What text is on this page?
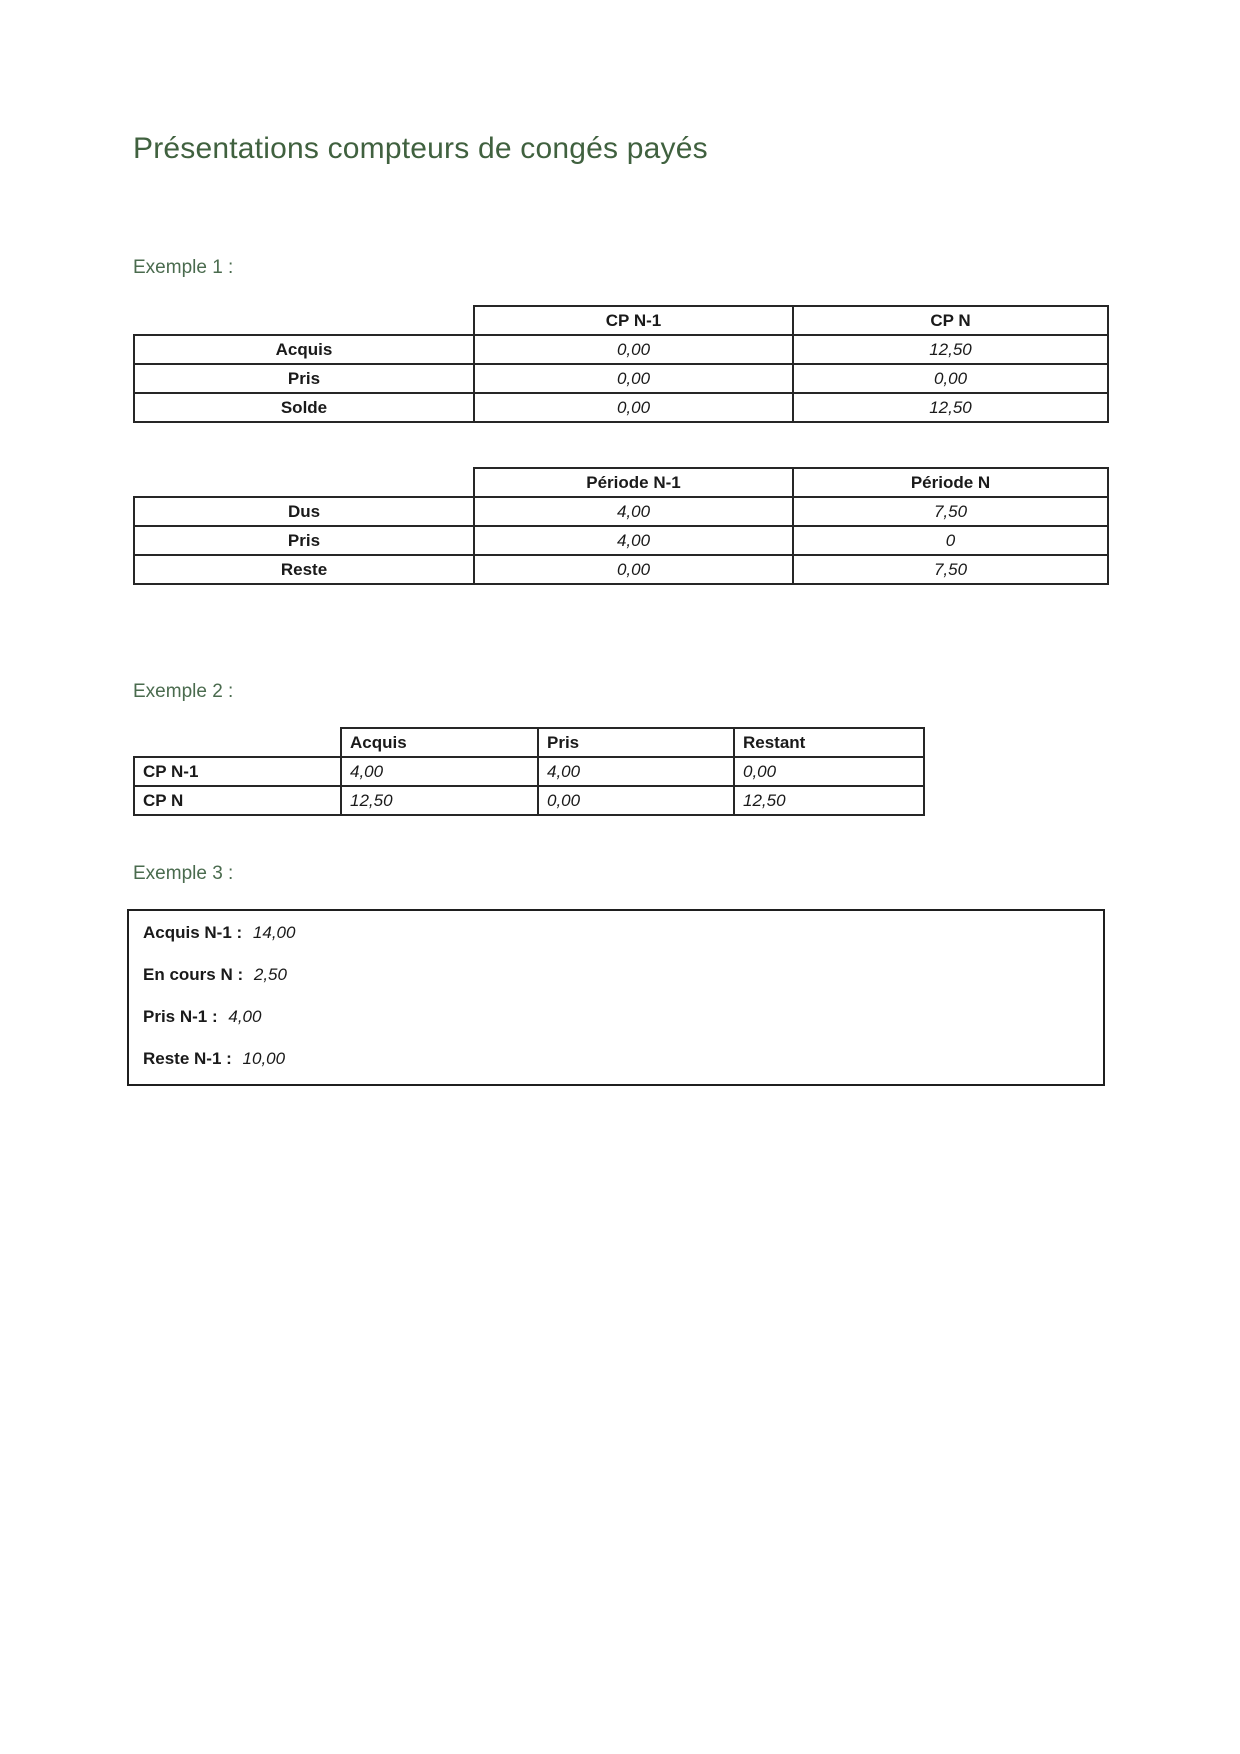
Présentations compteurs de congés payés
Exemple 1 :
	CP N-1	CP N
Acquis	0,00	12,50
Pris	0,00	0,00
Solde	0,00	12,50
	Période N-1	Période N
Dus	4,00	7,50
Pris	4,00	0
Reste	0,00	7,50
Exemple 2 :
	Acquis	Pris	Restant
CP N-1	4,00	4,00	0,00
CP N	12,50	0,00	12,50
Exemple 3 :

Acquis N-1 : 14,00

En cours N : 2,50

Pris N-1 : 4,00

Reste N-1 : 10,00
